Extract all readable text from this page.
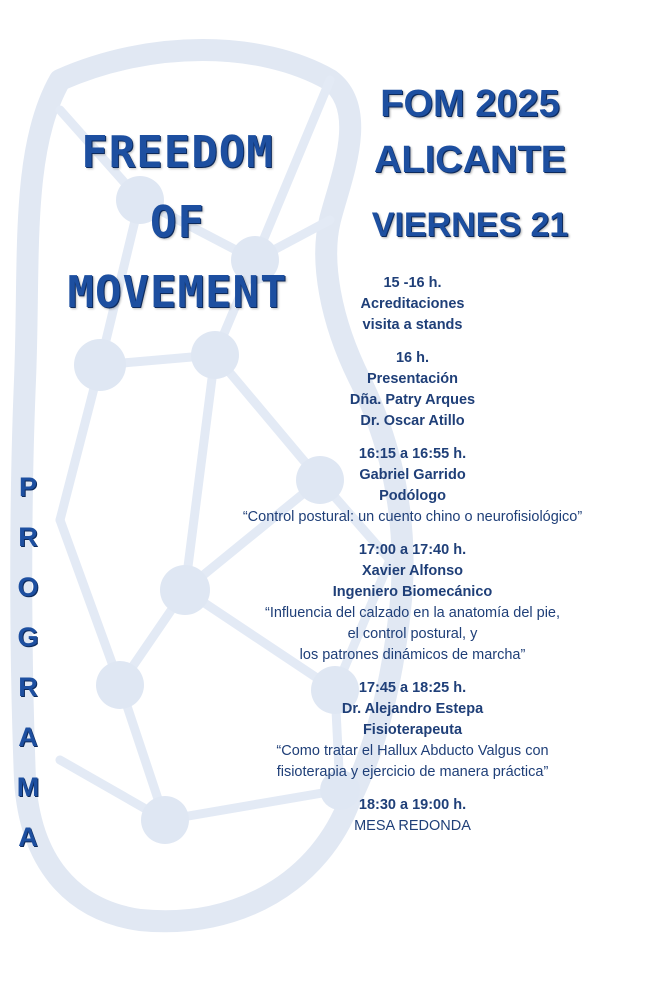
FREEDOM
OF
MOVEMENT
FOM 2025
ALICANTE
VIERNES 21
P
R
O
G
R
A
M
A
15 -16 h.
Acreditaciones
visita a stands
16 h.
Presentación
Dña. Patry Arques
Dr. Oscar Atillo
16:15 a 16:55 h.
Gabriel Garrido
Podólogo
“Control postural: un cuento chino o neurofisiológico”
17:00 a 17:40 h.
Xavier Alfonso
Ingeniero Biomecánico
“Influencia del calzado en la anatomía del pie,
el control postural, y
los patrones dinámicos de marcha”
17:45 a 18:25 h.
Dr. Alejandro Estepa
Fisioterapeuta
“Como tratar el Hallux Abducto Valgus con
fisioterapia y ejercicio de manera práctica”
18:30 a 19:00 h.
MESA REDONDA
